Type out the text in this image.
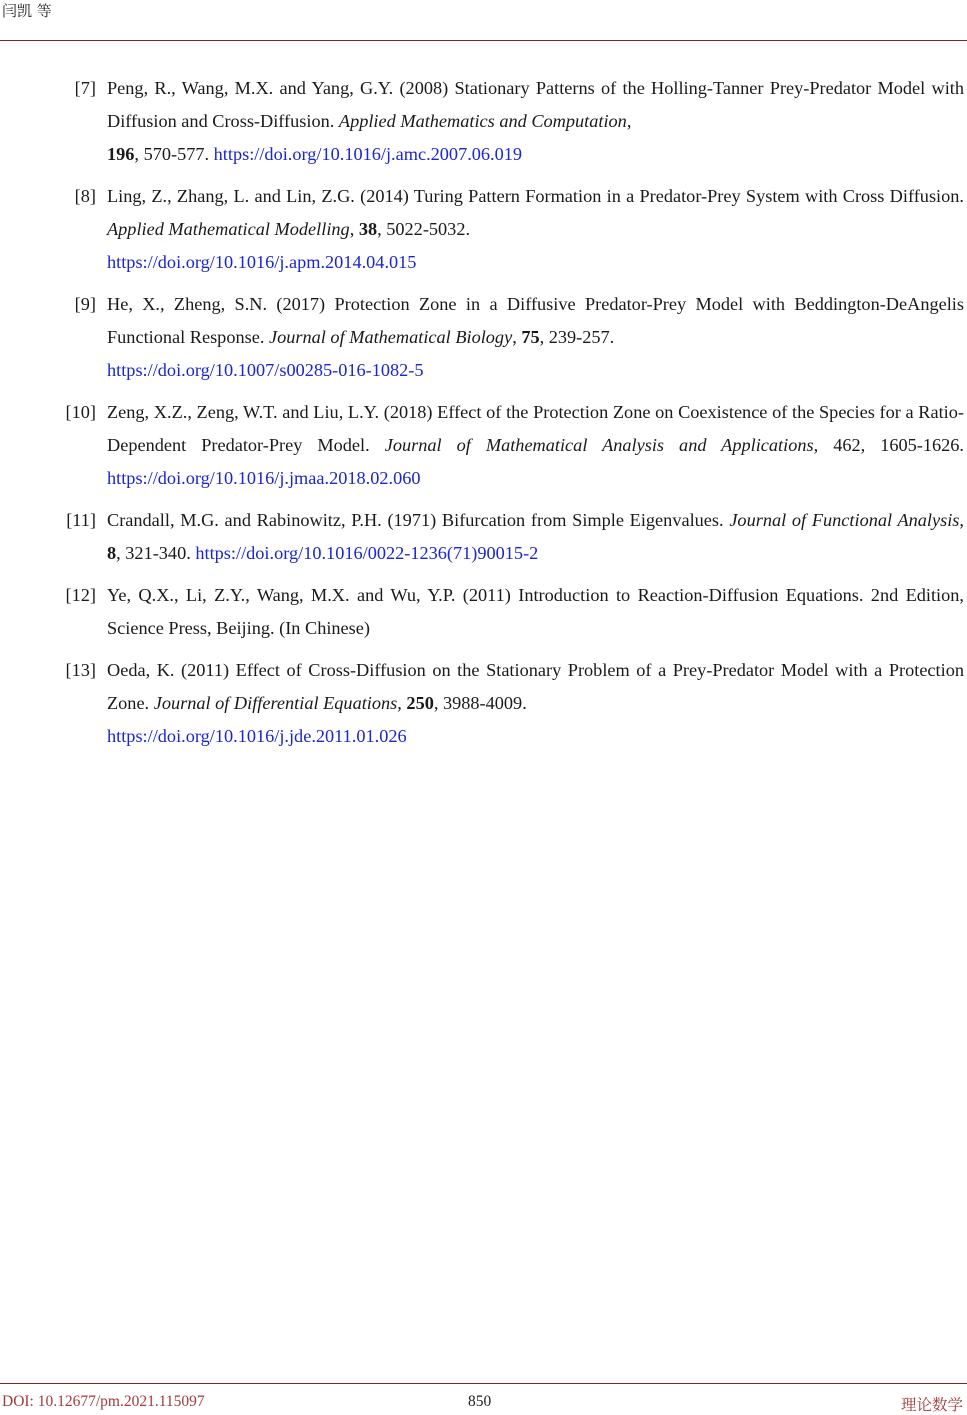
闫凯 等
[7] Peng, R., Wang, M.X. and Yang, G.Y. (2008) Stationary Patterns of the Holling-Tanner Prey-Predator Model with Diffusion and Cross-Diffusion. Applied Mathematics and Computation,
196, 570-577. https://doi.org/10.1016/j.amc.2007.06.019
[8] Ling, Z., Zhang, L. and Lin, Z.G. (2014) Turing Pattern Formation in a Predator-Prey System with Cross Diffusion. Applied Mathematical Modelling, 38, 5022-5032.
https://doi.org/10.1016/j.apm.2014.04.015
[9] He, X., Zheng, S.N. (2017) Protection Zone in a Diffusive Predator-Prey Model with Beddington-DeAngelis Functional Response. Journal of Mathematical Biology, 75, 239-257.
https://doi.org/10.1007/s00285-016-1082-5
[10] Zeng, X.Z., Zeng, W.T. and Liu, L.Y. (2018) Effect of the Protection Zone on Coexistence of the Species for a Ratio-Dependent Predator-Prey Model. Journal of Mathematical Analysis and Applications, 462, 1605-1626. https://doi.org/10.1016/j.jmaa.2018.02.060
[11] Crandall, M.G. and Rabinowitz, P.H. (1971) Bifurcation from Simple Eigenvalues. Journal of Functional Analysis, 8, 321-340. https://doi.org/10.1016/0022-1236(71)90015-2
[12] Ye, Q.X., Li, Z.Y., Wang, M.X. and Wu, Y.P. (2011) Introduction to Reaction-Diffusion Equations. 2nd Edition, Science Press, Beijing. (In Chinese)
[13] Oeda, K. (2011) Effect of Cross-Diffusion on the Stationary Problem of a Prey-Predator Model with a Protection Zone. Journal of Differential Equations, 250, 3988-4009.
https://doi.org/10.1016/j.jde.2011.01.026
DOI: 10.12677/pm.2021.115097	850	理论数学
